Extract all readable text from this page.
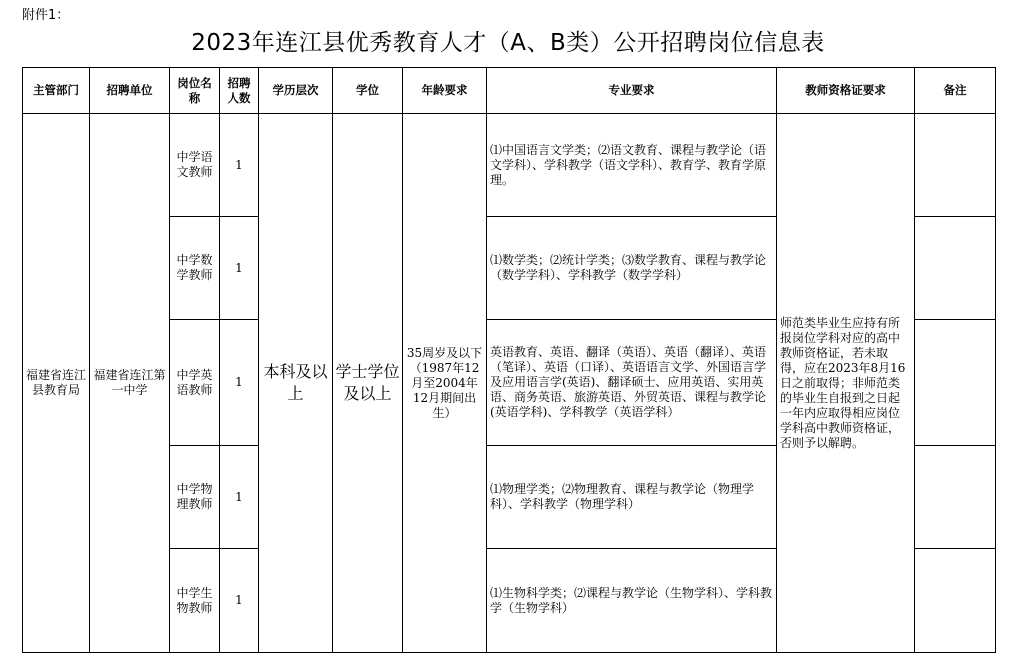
附件1：
2023年连江县优秀教育人才（A、B类）公开招聘岗位信息表
主管部门	招聘单位	岗位名称	招聘人数	学历层次	学位	年龄要求	专业要求	教师资格证要求	备注
福建省连江县教育局	福建省连江第一中学	中学语文教师	1	本科及以上	学士学位及以上	35周岁及以下（1987年12月至2004年12月期间出生）	⑴中国语言文学类；⑵语文教育、课程与教学论（语文学科）、学科教学（语文学科）、教育学、教育学原理。	师范类毕业生应持有所报岗位学科对应的高中教师资格证，若未取得，应在2023年8月16日之前取得；非师范类的毕业生自报到之日起一年内应取得相应岗位学科高中教师资格证，否则予以解聘。	
		中学数学教师	1				⑴数学类；⑵统计学类；⑶数学教育、课程与教学论（数学学科）、学科教学（数学学科）		
		中学英语教师	1				英语教育、英语、翻译（英语）、英语（翻译）、英语（笔译）、英语（口译）、英语语言文学、外国语言学及应用语言学(英语)、翻译硕士、应用英语、实用英语、商务英语、旅游英语、外贸英语、课程与教学论(英语学科)、学科教学（英语学科）		
		中学物理教师	1				⑴物理学类；⑵物理教育、课程与教学论（物理学科）、学科教学（物理学科）		
		中学生物教师	1				⑴生物科学类；⑵课程与教学论（生物学科）、学科教学（生物学科）		
